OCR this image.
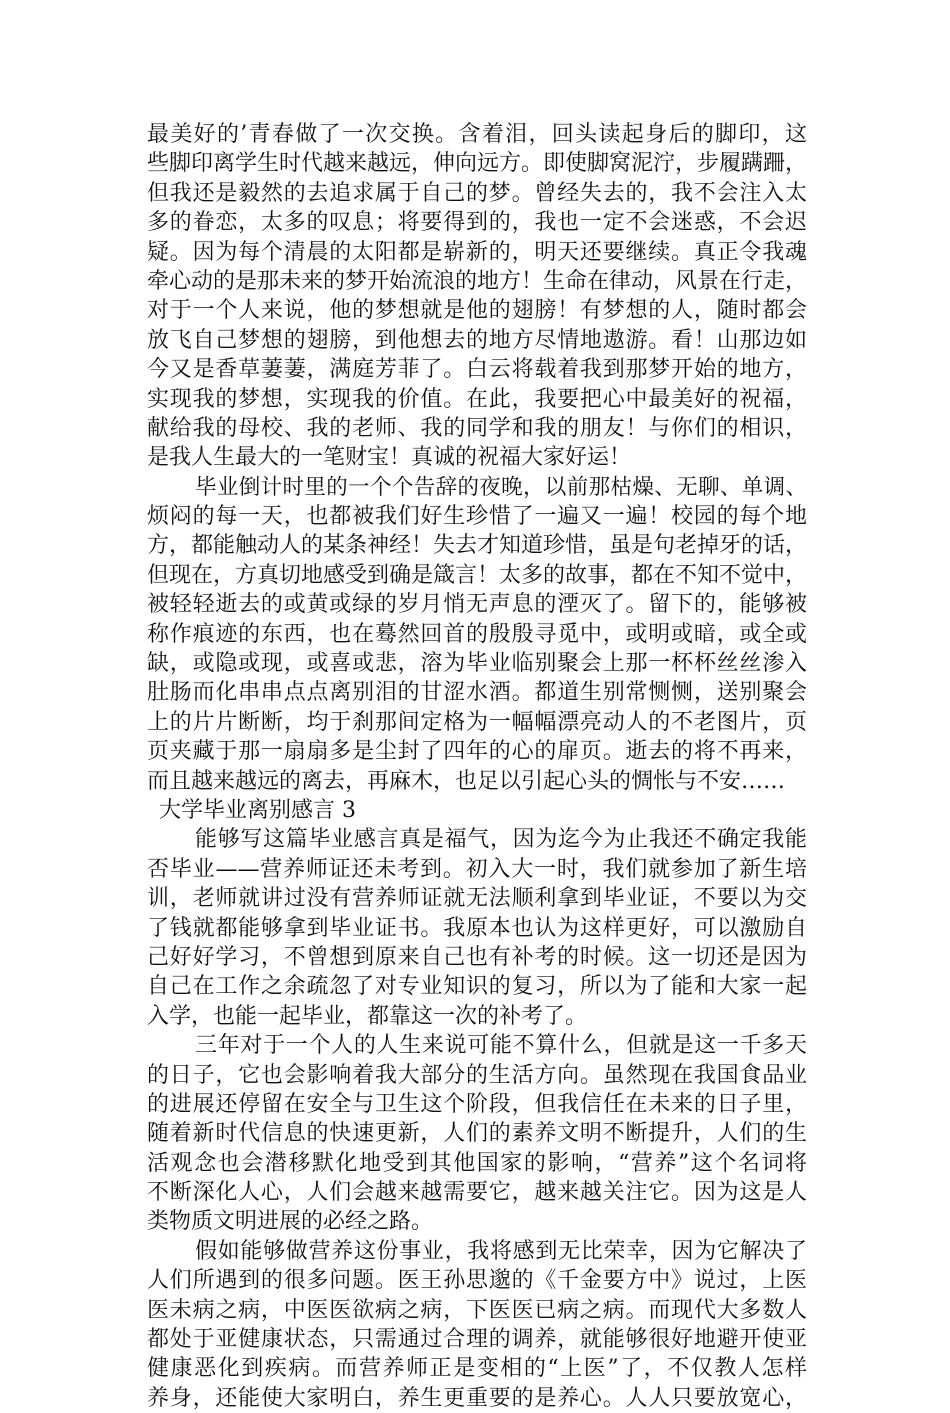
最美好的’青春做了一次交换。含着泪，回头读起身后的脚印，这
些脚印离学生时代越来越远，伸向远方。即使脚窝泥泞，步履蹒跚，
但我还是毅然的去追求属于自己的梦。曾经失去的，我不会注入太
多的眷恋，太多的叹息；将要得到的，我也一定不会迷惑，不会迟
疑。因为每个清晨的太阳都是崭新的，明天还要继续。真正令我魂
牵心动的是那未来的梦开始流浪的地方！生命在律动，风景在行走，
对于一个人来说，他的梦想就是他的翅膀！有梦想的人，随时都会
放飞自己梦想的翅膀，到他想去的地方尽情地遨游。看！山那边如
今又是香草萋萋，满庭芳菲了。白云将载着我到那梦开始的地方，
实现我的梦想，实现我的价值。在此，我要把心中最美好的祝福，
献给我的母校、我的老师、我的同学和我的朋友！与你们的相识，
是我人生最大的一笔财宝！真诚的祝福大家好运！
毕业倒计时里的一个个告辞的夜晚，以前那枯燥、无聊、单调、
烦闷的每一天，也都被我们好生珍惜了一遍又一遍！校园的每个地
方，都能触动人的某条神经！失去才知道珍惜，虽是句老掉牙的话，
但现在，方真切地感受到确是箴言！太多的故事，都在不知不觉中，
被轻轻逝去的或黄或绿的岁月悄无声息的湮灭了。留下的，能够被
称作痕迹的东西，也在蓦然回首的殷殷寻觅中，或明或暗，或全或
缺，或隐或现，或喜或悲，溶为毕业临别聚会上那一杯杯丝丝渗入
肚肠而化串串点点离别泪的甘涩水酒。都道生别常恻恻，送别聚会
上的片片断断，均于刹那间定格为一幅幅漂亮动人的不老图片，页
页夹藏于那一扇扇多是尘封了四年的心的扉页。逝去的将不再来，
而且越来越远的离去，再麻木，也足以引起心头的惆怅与不安……
大学毕业离别感言 3
能够写这篇毕业感言真是福气，因为迄今为止我还不确定我能
否毕业——营养师证还未考到。初入大一时，我们就参加了新生培
训，老师就讲过没有营养师证就无法顺利拿到毕业证，不要以为交
了钱就都能够拿到毕业证书。我原本也认为这样更好，可以激励自
己好好学习，不曾想到原来自己也有补考的时候。这一切还是因为
自己在工作之余疏忽了对专业知识的复习，所以为了能和大家一起
入学，也能一起毕业，都靠这一次的补考了。
三年对于一个人的人生来说可能不算什么，但就是这一千多天
的日子，它也会影响着我大部分的生活方向。虽然现在我国食品业
的进展还停留在安全与卫生这个阶段，但我信任在未来的日子里，
随着新时代信息的快速更新，人们的素养文明不断提升，人们的生
活观念也会潜移默化地受到其他国家的影响，“营养”这个名词将
不断深化人心，人们会越来越需要它，越来越关注它。因为这是人
类物质文明进展的必经之路。
假如能够做营养这份事业，我将感到无比荣幸，因为它解决了
人们所遇到的很多问题。医王孙思邈的《千金要方中》说过，上医
医未病之病，中医医欲病之病，下医医已病之病。而现代大多数人
都处于亚健康状态，只需通过合理的调养，就能够很好地避开使亚
健康恶化到疾病。而营养师正是变相的“上医”了，不仅教人怎样
养身，还能使大家明白，养生更重要的是养心。人人只要放宽心，
